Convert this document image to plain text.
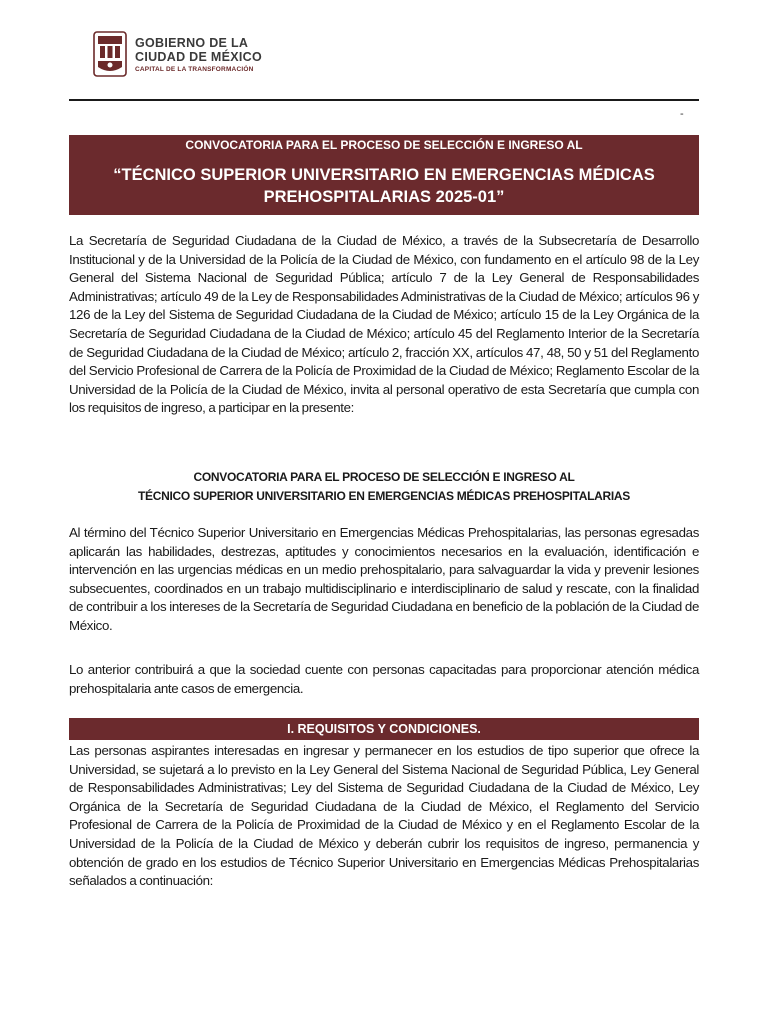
GOBIERNO DE LA
CIUDAD DE MÉXICO
CAPITAL DE LA TRANSFORMACIÓN
-
CONVOCATORIA PARA EL PROCESO DE SELECCIÓN E INGRESO AL
“TÉCNICO SUPERIOR UNIVERSITARIO EN EMERGENCIAS MÉDICAS PREHOSPITALARIAS 2025-01”
La Secretaría de Seguridad Ciudadana de la Ciudad de México, a través de la Subsecretaría de Desarrollo Institucional y de la Universidad de la Policía de la Ciudad de México, con fundamento en el artículo 98 de la Ley General del Sistema Nacional de Seguridad Pública; artículo 7 de la Ley General de Responsabilidades Administrativas; artículo 49 de la Ley de Responsabilidades Administrativas de la Ciudad de México; artículos 96 y 126 de la Ley del Sistema de Seguridad Ciudadana de la Ciudad de México; artículo 15 de la Ley Orgánica de la Secretaría de Seguridad Ciudadana de la Ciudad de México; artículo 45 del Reglamento Interior de la Secretaría de Seguridad Ciudadana de la Ciudad de México; artículo 2, fracción XX, artículos 47, 48, 50 y 51 del Reglamento del Servicio Profesional de Carrera de la Policía de Proximidad de la Ciudad de México; Reglamento Escolar de la Universidad de la Policía de la Ciudad de México, invita al personal operativo de esta Secretaría que cumpla con los requisitos de ingreso, a participar en la presente:
CONVOCATORIA PARA EL PROCESO DE SELECCIÓN E INGRESO AL
TÉCNICO SUPERIOR UNIVERSITARIO EN EMERGENCIAS MÉDICAS PREHOSPITALARIAS
Al término del Técnico Superior Universitario en Emergencias Médicas Prehospitalarias, las personas egresadas aplicarán las habilidades, destrezas, aptitudes y conocimientos necesarios en la evaluación, identificación e intervención en las urgencias médicas en un medio prehospitalario, para salvaguardar la vida y prevenir lesiones subsecuentes, coordinados en un trabajo multidisciplinario e interdisciplinario de salud y rescate, con la finalidad de contribuir a los intereses de la Secretaría de Seguridad Ciudadana en beneficio de la población de la Ciudad de México.
Lo anterior contribuirá a que la sociedad cuente con personas capacitadas para proporcionar atención médica prehospitalaria ante casos de emergencia.
I. REQUISITOS Y CONDICIONES.
Las personas aspirantes interesadas en ingresar y permanecer en los estudios de tipo superior que ofrece la Universidad, se sujetará a lo previsto en la Ley General del Sistema Nacional de Seguridad Pública, Ley General de Responsabilidades Administrativas; Ley del Sistema de Seguridad Ciudadana de la Ciudad de México, Ley Orgánica de la Secretaría de Seguridad Ciudadana de la Ciudad de México, el Reglamento del Servicio Profesional de Carrera de la Policía de Proximidad de la Ciudad de México y en el Reglamento Escolar de la Universidad de la Policía de la Ciudad de México y deberán cubrir los requisitos de ingreso, permanencia y obtención de grado en los estudios de Técnico Superior Universitario en Emergencias Médicas Prehospitalarias señalados a continuación:
